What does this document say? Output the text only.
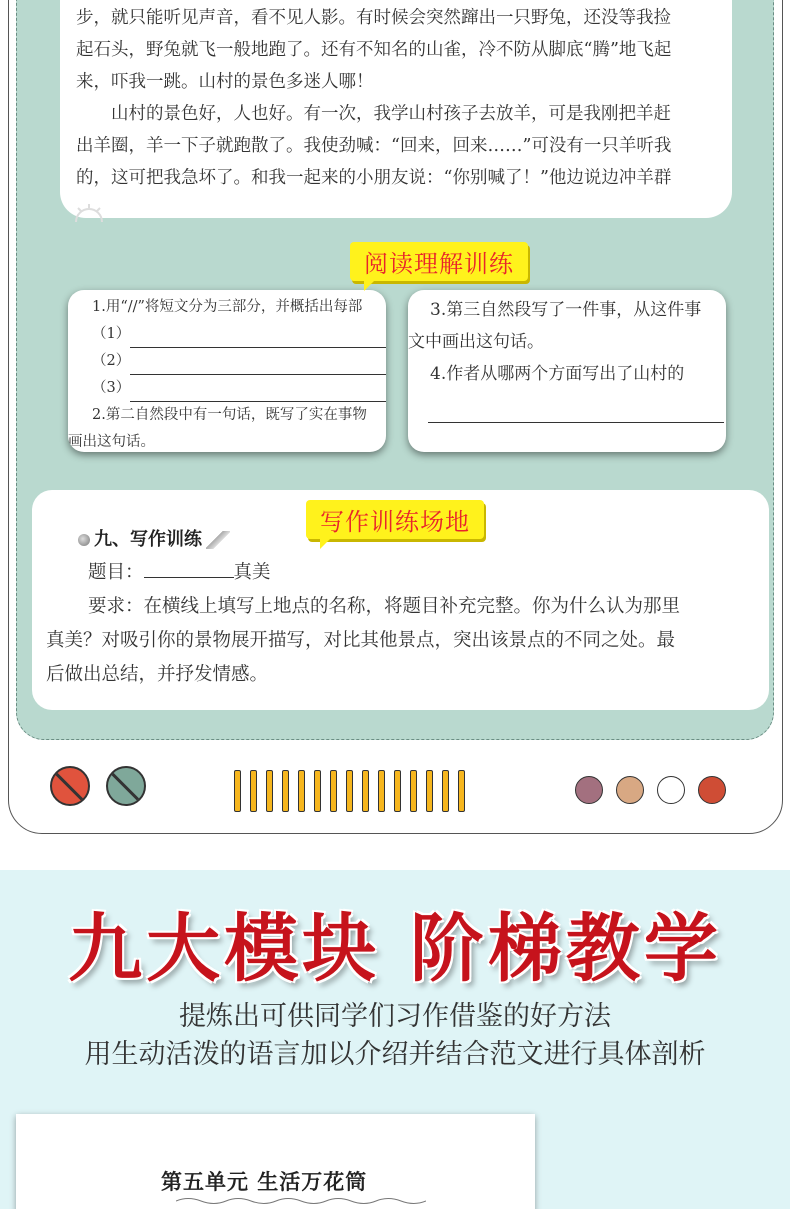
步，就只能听见声音，看不见人影。有时候会突然蹿出一只野兔，还没等我捡

起石头，野兔就飞一般地跑了。还有不知名的山雀，冷不防从脚底“腾”地飞起

来，吓我一跳。山村的景色多迷人哪！

山村的景色好，人也好。有一次，我学山村孩子去放羊，可是我刚把羊赶

出羊圈，羊一下子就跑散了。我使劲喊：“回来，回来……”可没有一只羊听我

的，这可把我急坏了。和我一起来的小朋友说：“你别喊了！”他边说边冲羊群

1.用“//”将短文分为三部分，并概括出每部
（1）
（2）
（3）
2.第二自然段中有一句话，既写了实在事物
画出这句话。
3.第三自然段写了一件事，从这件事
文中画出这句话。
4.作者从哪两个方面写出了山村的
阅读理解训练
九、写作训练
题目：	真美
要求：在横线上填写上地点的名称，将题目补充完整。你为什么认为那里
真美？对吸引你的景物展开描写，对比其他景点，突出该景点的不同之处。最
后做出总结，并抒发情感。
写作训练场地
九大模块 阶梯教学
提炼出可供同学们习作借鉴的好方法
用生动活泼的语言加以介绍并结合范文进行具体剖析
第五单元 生活万花筒
